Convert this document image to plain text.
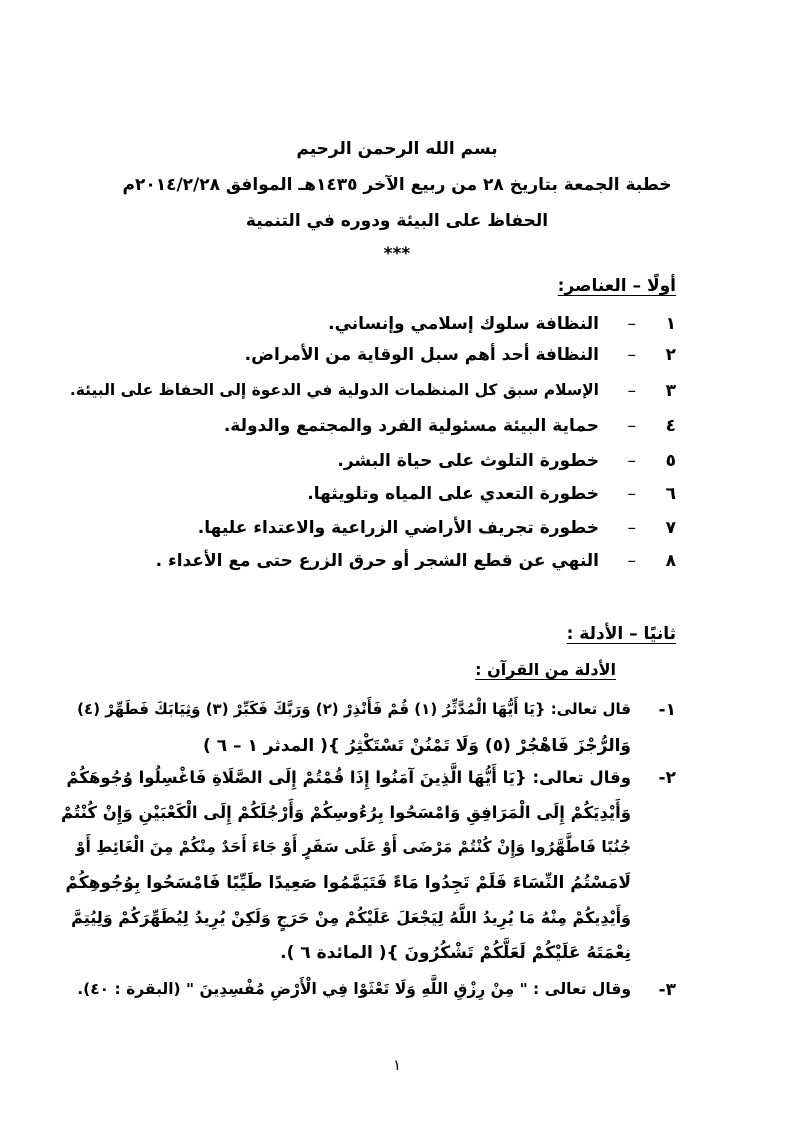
بسم الله الرحمن الرحيم
خطبة الجمعة بتاريخ ٢٨ من ربيع الآخر ١٤٣٥هـ الموافق ٢٠١٤/٢/٢٨م
الحفاظ على البيئة ودوره في التنمية
***
أولًا – العناصر:
١
–
النظافة سلوك إسلامي وإنساني.
٢
–
النظافة أحد أهم سبل الوقاية من الأمراض.
٣
–
الإسلام سبق كل المنظمات الدولية في الدعوة إلى الحفاظ على البيئة.
٤
–
حماية البيئة مسئولية الفرد والمجتمع والدولة.
٥
–
خطورة التلوث على حياة البشر.
٦
–
خطورة التعدي على المياه وتلويثها.
٧
–
خطورة تجريف الأراضي الزراعية والاعتداء عليها.
٨
–
النهي عن قطع الشجر أو حرق الزرع حتى مع الأعداء .
ثانيًا – الأدلة :
الأدلة من القرآن :
١-
قال تعالى: {يَا أَيُّهَا الْمُدَّثِّرُ (١) قُمْ فَأَنْذِرْ (٢) وَرَبَّكَ فَكَبِّرْ (٣) وَثِيَابَكَ فَطَهِّرْ (٤)
وَالرُّجْزَ فَاهْجُرْ (٥) وَلَا تَمْنُنْ تَسْتَكْثِرُ }( المدثر ١ – ٦ )
٢-
وقال تعالى: {يَا أَيُّهَا الَّذِينَ آمَنُوا إِذَا قُمْتُمْ إِلَى الصَّلَاةِ فَاغْسِلُوا وُجُوهَكُمْ
وَأَيْدِيَكُمْ إِلَى الْمَرَافِقِ وَامْسَحُوا بِرُءُوسِكُمْ وَأَرْجُلَكُمْ إِلَى الْكَعْبَيْنِ وَإِنْ كُنْتُمْ
جُنُبًا فَاطَّهَّرُوا وَإِنْ كُنْتُمْ مَرْضَى أَوْ عَلَى سَفَرٍ أَوْ جَاءَ أَحَدٌ مِنْكُمْ مِنَ الْغَائِطِ أَوْ
لَامَسْتُمُ النِّسَاءَ فَلَمْ تَجِدُوا مَاءً فَتَيَمَّمُوا صَعِيدًا طَيِّبًا فَامْسَحُوا بِوُجُوهِكُمْ
وَأَيْدِيكُمْ مِنْهُ مَا يُرِيدُ اللَّهُ لِيَجْعَلَ عَلَيْكُمْ مِنْ حَرَجٍ وَلَكِنْ يُرِيدُ لِيُطَهِّرَكُمْ وَلِيُتِمَّ
نِعْمَتَهُ عَلَيْكُمْ لَعَلَّكُمْ تَشْكُرُونَ }( المائدة ٦ ).
٣-
وقال تعالى : " مِنْ رِزْقِ اللَّهِ وَلَا تَعْثَوْا فِي الْأَرْضِ مُفْسِدِينَ " (البقرة : ٤٠).
١
